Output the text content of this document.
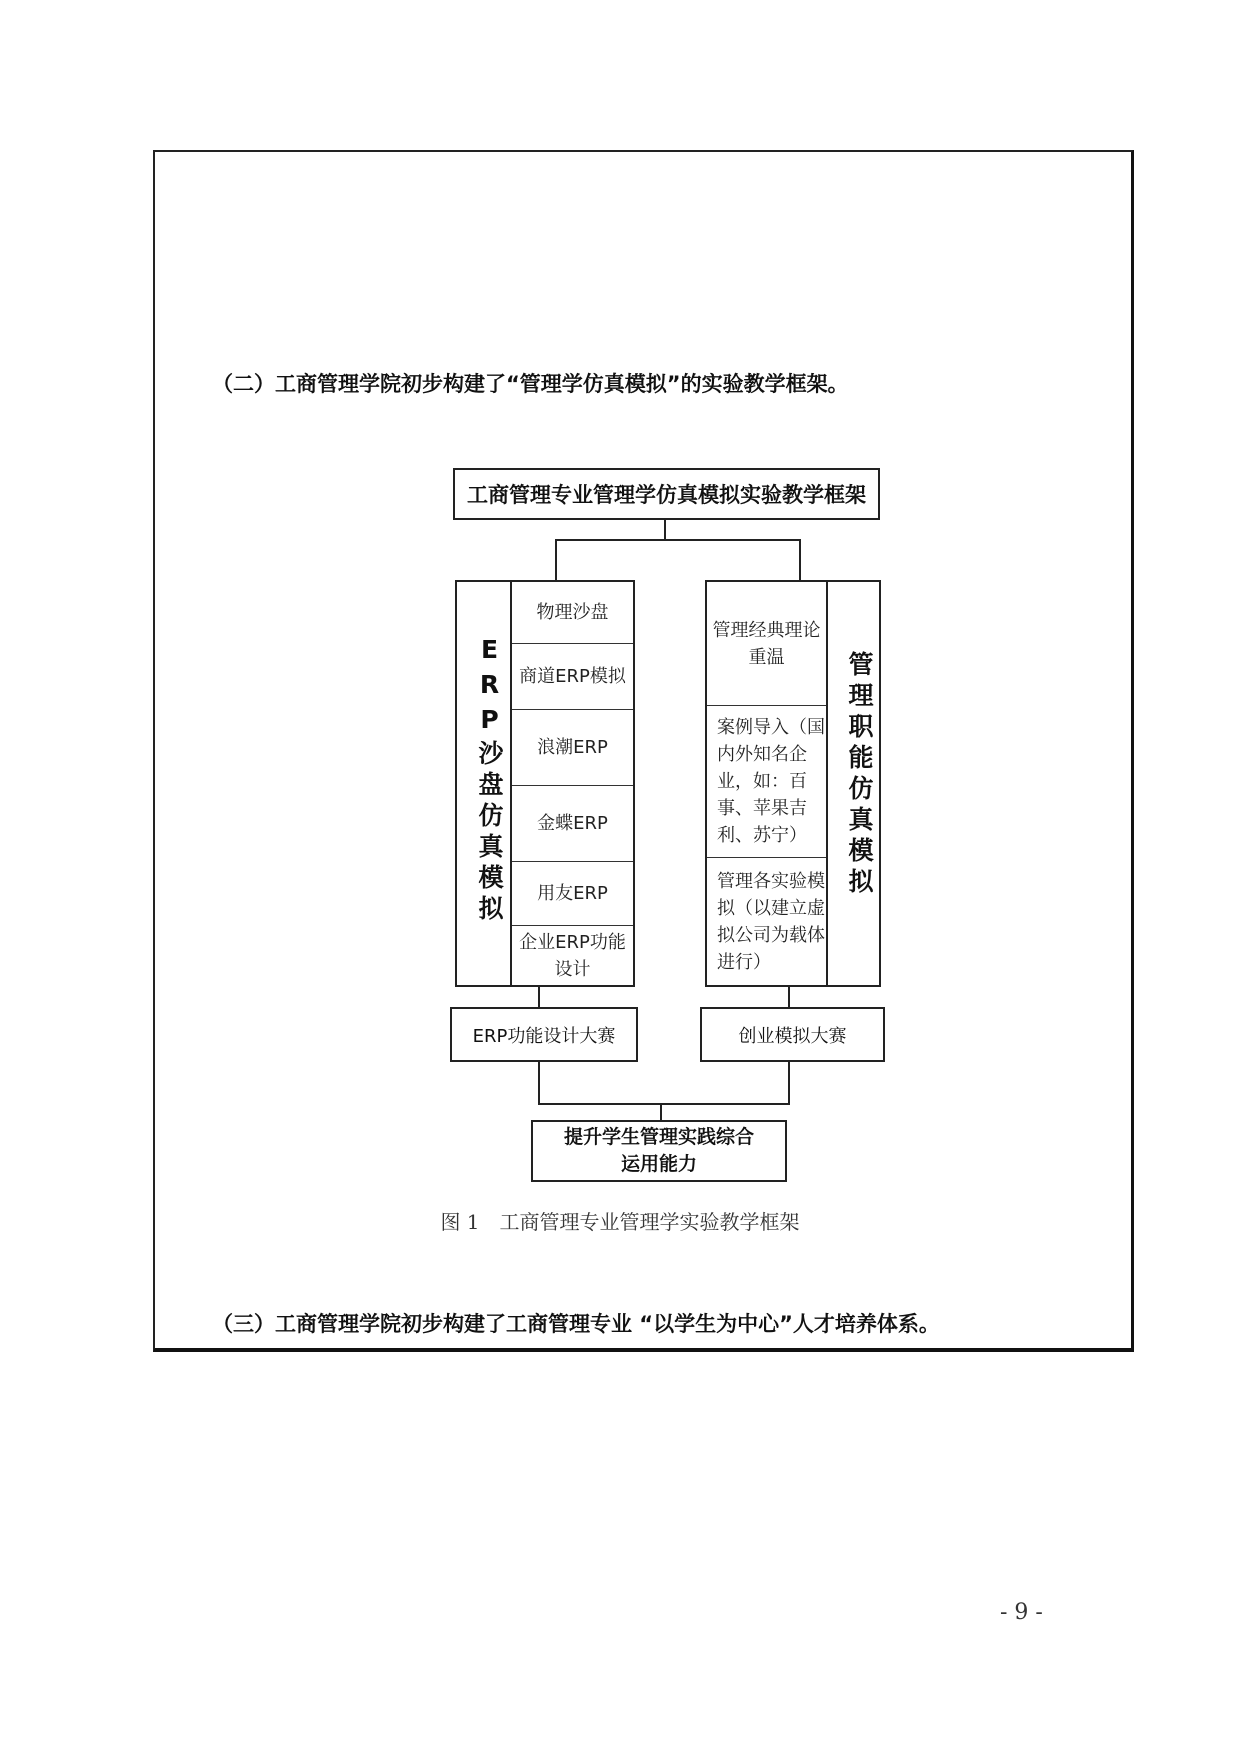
（二）工商管理学院初步构建了“管理学仿真模拟”的实验教学框架。
工商管理专业管理学仿真模拟实验教学框架
ERP沙盘仿真模拟
物理沙盘
商道ERP模拟
浪潮ERP
金蝶ERP
用友ERP
企业ERP功能设计
管理经典理论重温
案例导入（国内外知名企业，如：百事、苹果吉利、苏宁）
管理各实验模拟（以建立虚拟公司为载体进行）
管理职能仿真模拟
ERP功能设计大赛	创业模拟大赛
提升学生管理实践综合运用能力
图 1　工商管理专业管理学实验教学框架
（三）工商管理学院初步构建了工商管理专业 “以学生为中心”人才培养体系。
- 9 -
